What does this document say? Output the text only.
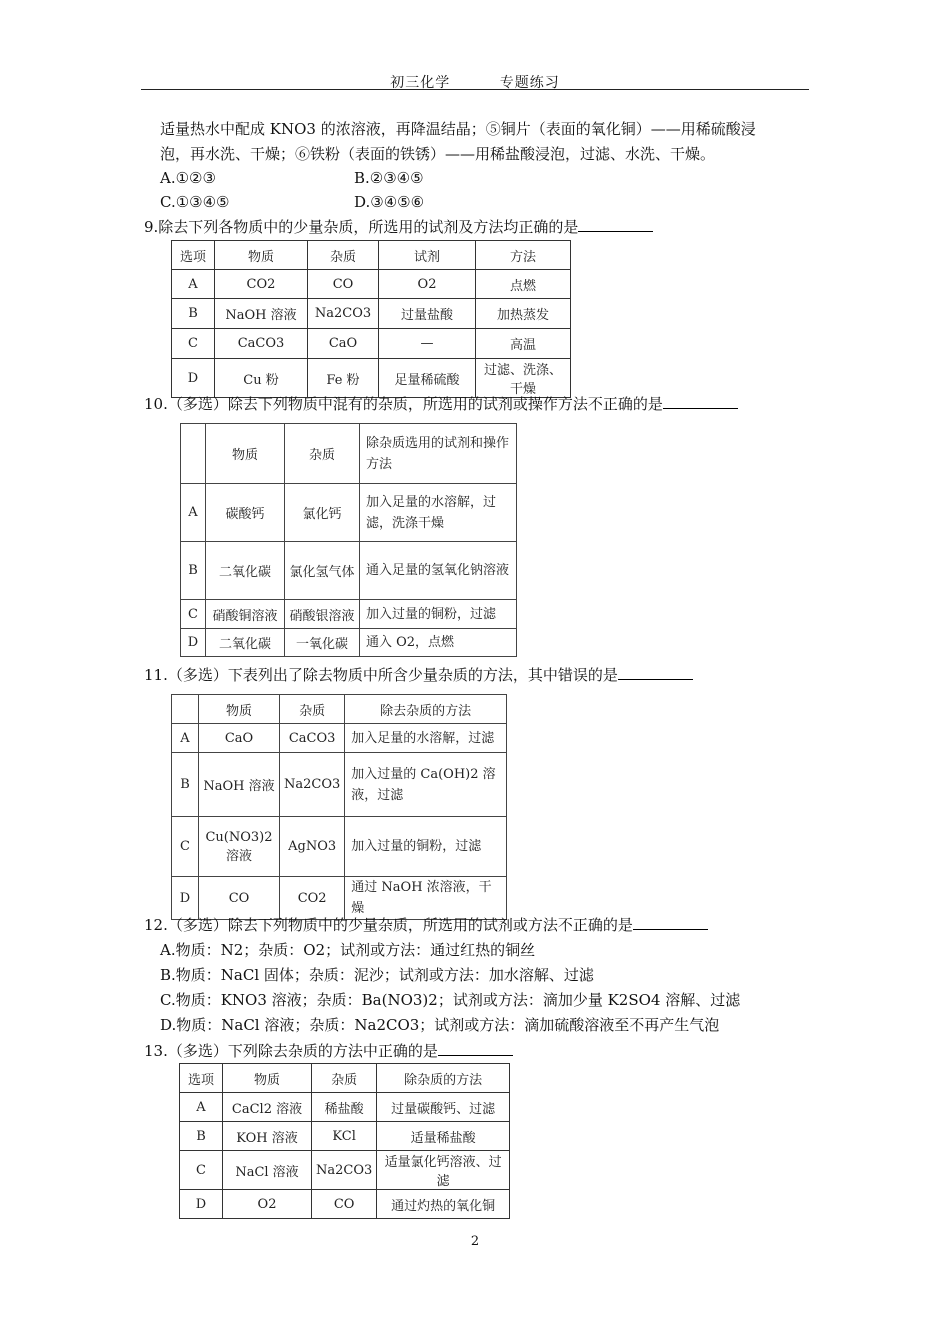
初三化学	专题练习
适量热水中配成 KNO3 的浓溶液，再降温结晶；⑤铜片（表面的氧化铜）——用稀硫酸浸
泡，再水洗、干燥；⑥铁粉（表面的铁锈）——用稀盐酸浸泡，过滤、水洗、干燥。
A.①②③	B.②③④⑤
C.①③④⑤	D.③④⑤⑥
9.除去下列各物质中的少量杂质，所选用的试剂及方法均正确的是
选项	物质	杂质	试剂	方法
A	CO2	CO	O2	点燃
B	NaOH 溶液	Na2CO3	过量盐酸	加热蒸发
C	CaCO3	CaO	—	高温
D	Cu 粉	Fe 粉	足量稀硫酸	过滤、洗涤、干燥
10.（多选）除去下列物质中混有的杂质，所选用的试剂或操作方法不正确的是
	物质	杂质	除杂质选用的试剂和操作方法
A	碳酸钙	氯化钙	加入足量的水溶解，过滤，洗涤干燥
B	二氧化碳	氯化氢气体	通入足量的氢氧化钠溶液
C	硝酸铜溶液	硝酸银溶液	加入过量的铜粉，过滤
D	二氧化碳	一氧化碳	通入 O2，点燃
11.（多选）下表列出了除去物质中所含少量杂质的方法，其中错误的是
	物质	杂质	除去杂质的方法
A	CaO	CaCO3	加入足量的水溶解，过滤
B	NaOH 溶液	Na2CO3	加入过量的 Ca(OH)2 溶液，过滤
C	Cu(NO3)2 溶液	AgNO3	加入过量的铜粉，过滤
D	CO	CO2	通过 NaOH 浓溶液，干燥
12.（多选）除去下列物质中的少量杂质，所选用的试剂或方法不正确的是
A.物质：N2；杂质：O2；试剂或方法：通过红热的铜丝
B.物质：NaCl 固体；杂质：泥沙；试剂或方法：加水溶解、过滤
C.物质：KNO3 溶液；杂质：Ba(NO3)2；试剂或方法：滴加少量 K2SO4 溶解、过滤
D.物质：NaCl 溶液；杂质：Na2CO3；试剂或方法：滴加硫酸溶液至不再产生气泡
13.（多选）下列除去杂质的方法中正确的是
选项	物质	杂质	除杂质的方法
A	CaCl2 溶液	稀盐酸	过量碳酸钙、过滤
B	KOH 溶液	KCl	适量稀盐酸
C	NaCl 溶液	Na2CO3	适量氯化钙溶液、过滤
D	O2	CO	通过灼热的氧化铜
2
